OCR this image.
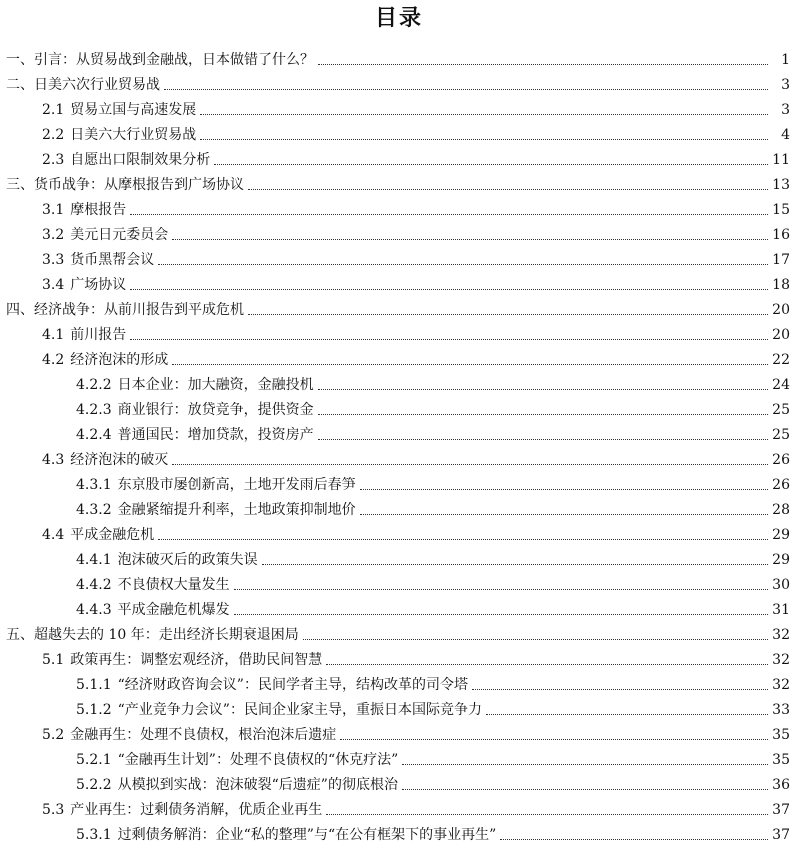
目录
一、 引言：从贸易战到金融战，日本做错了什么？	1
二、 日美六次行业贸易战	3
2.1 贸易立国与高速发展	3
2.2 日美六大行业贸易战	4
2.3 自愿出口限制效果分析	11
三、 货币战争：从摩根报告到广场协议	13
3.1 摩根报告	15
3.2 美元日元委员会	16
3.3 货币黑帮会议	17
3.4 广场协议	18
四、 经济战争：从前川报告到平成危机	20
4.1 前川报告	20
4.2 经济泡沫的形成	22
4.2.2 日本企业：加大融资，金融投机	24
4.2.3 商业银行：放贷竞争，提供资金	25
4.2.4 普通国民：增加贷款，投资房产	25
4.3 经济泡沫的破灭	26
4.3.1 东京股市屡创新高，土地开发雨后春笋	26
4.3.2 金融紧缩提升利率，土地政策抑制地价	28
4.4 平成金融危机	29
4.4.1 泡沫破灭后的政策失误	29
4.4.2 不良债权大量发生	30
4.4.3 平成金融危机爆发	31
五、 超越失去的 10 年：走出经济长期衰退困局	32
5.1 政策再生：调整宏观经济，借助民间智慧	32
5.1.1 “经济财政咨询会议”：民间学者主导，结构改革的司令塔	32
5.1.2 “产业竞争力会议”：民间企业家主导，重振日本国际竞争力	33
5.2 金融再生：处理不良债权，根治泡沫后遗症	35
5.2.1 “金融再生计划”：处理不良债权的“休克疗法”	35
5.2.2 从模拟到实战：泡沫破裂“后遗症”的彻底根治	36
5.3 产业再生：过剩债务消解，优质企业再生	37
5.3.1 过剩债务解消：企业“私的整理”与“在公有框架下的事业再生”	37
